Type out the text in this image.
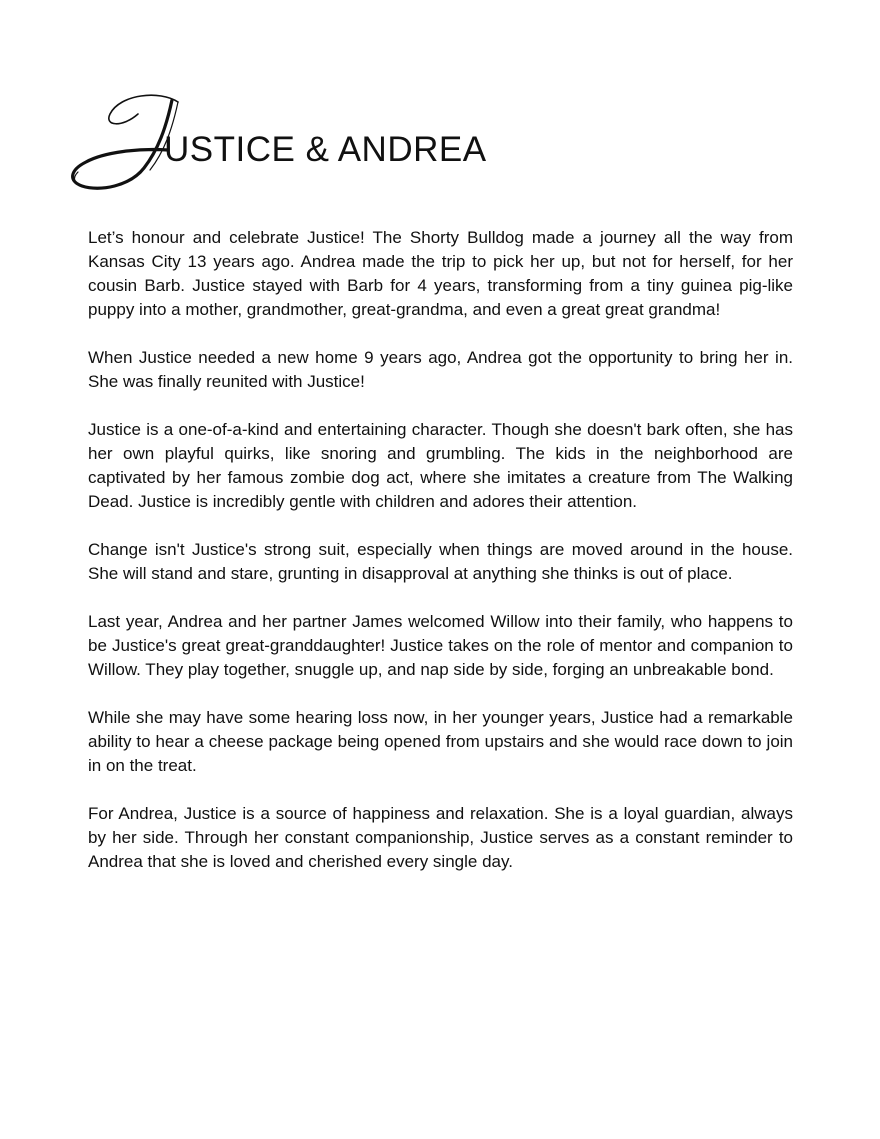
USTICE & ANDREA

Let’s honour and celebrate Justice! The Shorty Bulldog made a journey all the way from Kansas City 13 years ago. Andrea made the trip to pick her up, but not for herself, for her cousin Barb. Justice stayed with Barb for 4 years, transforming from a tiny guinea pig-like puppy into a mother, grandmother, great-grandma, and even a great great grandma!

When Justice needed a new home 9 years ago, Andrea got the opportunity to bring her in. She was finally reunited with Justice!

Justice is a one-of-a-kind and entertaining character. Though she doesn't bark often, she has her own playful quirks, like snoring and grumbling. The kids in the neighborhood are captivated by her famous zombie dog act, where she imitates a creature from The Walking Dead. Justice is incredibly gentle with children and adores their attention.

Change isn't Justice's strong suit, especially when things are moved around in the house. She will stand and stare, grunting in disapproval at anything she thinks is out of place.

Last year, Andrea and her partner James welcomed Willow into their family, who happens to be Justice's great great-granddaughter! Justice takes on the role of mentor and companion to Willow. They play together, snuggle up, and nap side by side, forging an unbreakable bond.

While she may have some hearing loss now, in her younger years, Justice had a remarkable ability to hear a cheese package being opened from upstairs and she would race down to join in on the treat.

For Andrea, Justice is a source of happiness and relaxation. She is a loyal guardian, always by her side. Through her constant companionship, Justice serves as a constant reminder to Andrea that she is loved and cherished every single day.
